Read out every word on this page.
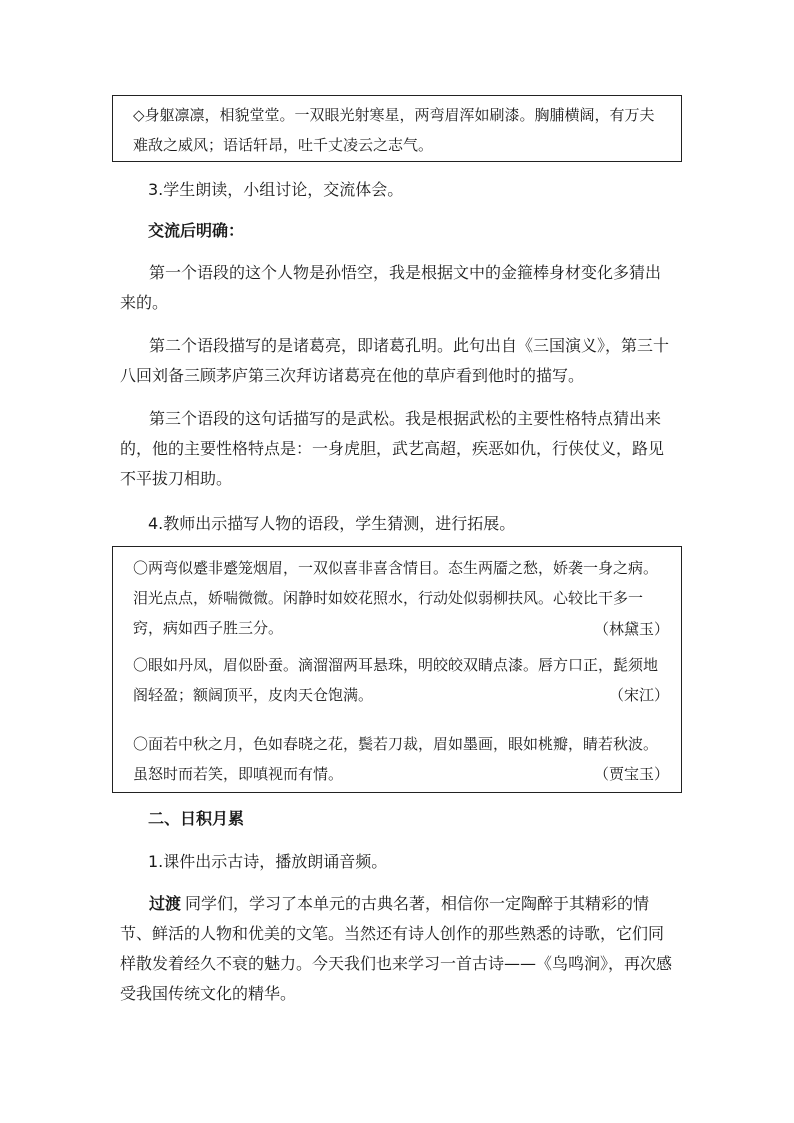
◇身躯凛凛，相貌堂堂。一双眼光射寒星，两弯眉浑如刷漆。胸脯横阔，有万夫难敌之威风；语话轩昂，吐千丈凌云之志气。

3.学生朗读，小组讨论，交流体会。

交流后明确：

第一个语段的这个人物是孙悟空，我是根据文中的金箍棒身材变化多猜出来的。

第二个语段描写的是诸葛亮，即诸葛孔明。此句出自《三国演义》，第三十八回刘备三顾茅庐第三次拜访诸葛亮在他的草庐看到他时的描写。

第三个语段的这句话描写的是武松。我是根据武松的主要性格特点猜出来的，他的主要性格特点是：一身虎胆，武艺高超，疾恶如仇，行侠仗义，路见不平拔刀相助。

4.教师出示描写人物的语段，学生猜测，进行拓展。

〇两弯似蹙非蹙笼烟眉，一双似喜非喜含情目。态生两靥之愁，娇袭一身之病。泪光点点，娇喘微微。闲静时如姣花照水，行动处似弱柳扶风。心较比干多一窍，病如西子胜三分。	（林黛玉）

〇眼如丹凤，眉似卧蚕。滴溜溜两耳悬珠，明皎皎双睛点漆。唇方口正，髭须地阁轻盈；额阔顶平，皮肉天仓饱满。	（宋江）

〇面若中秋之月，色如春晓之花，鬓若刀裁，眉如墨画，眼如桃瓣，睛若秋波。虽怒时而若笑，即嗔视而有情。	（贾宝玉）

二、日积月累

1.课件出示古诗，播放朗诵音频。

过渡 同学们，学习了本单元的古典名著，相信你一定陶醉于其精彩的情节、鲜活的人物和优美的文笔。当然还有诗人创作的那些熟悉的诗歌，它们同样散发着经久不衰的魅力。今天我们也来学习一首古诗——《鸟鸣涧》，再次感受我国传统文化的精华。
